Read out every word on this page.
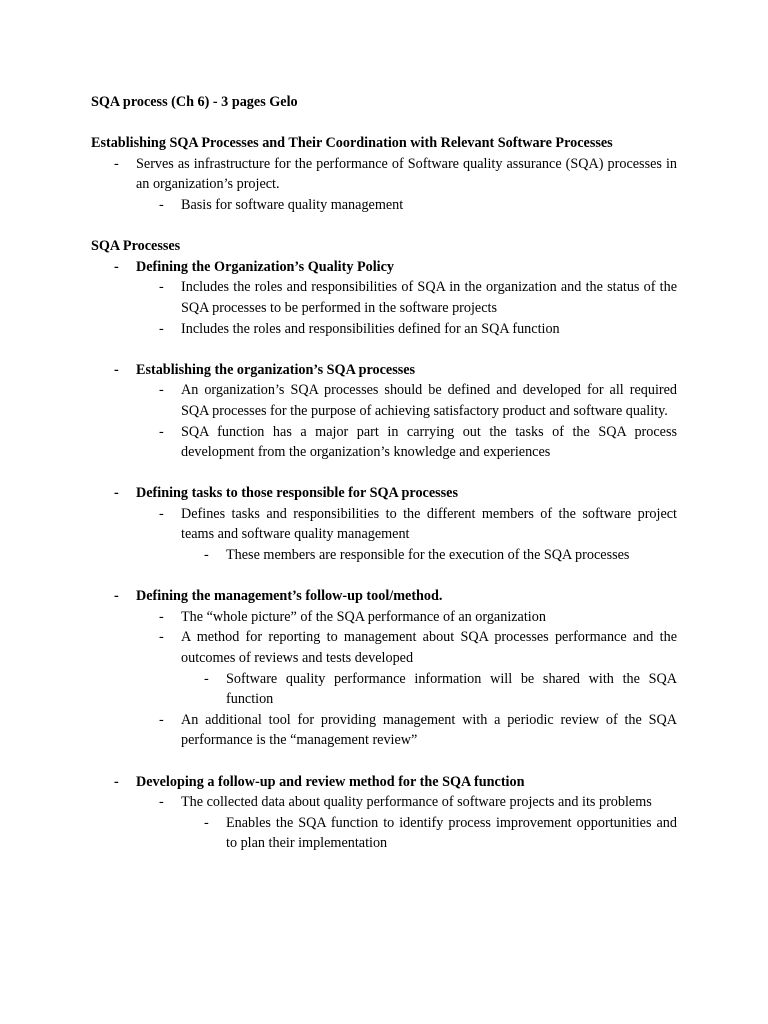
SQA process (Ch 6) - 3 pages Gelo
Establishing SQA Processes and Their Coordination with Relevant Software Processes
- Serves as infrastructure for the performance of Software quality assurance (SQA) processes in an organization’s project.
- Basis for software quality management
SQA Processes
- Defining the Organization’s Quality Policy
- Includes the roles and responsibilities of SQA in the organization and the status of the SQA processes to be performed in the software projects
- Includes the roles and responsibilities defined for an SQA function
- Establishing the organization’s SQA processes
- An organization’s SQA processes should be defined and developed for all required SQA processes for the purpose of achieving satisfactory product and software quality.
- SQA function has a major part in carrying out the tasks of the SQA process development from the organization’s knowledge and experiences
- Defining tasks to those responsible for SQA processes
- Defines tasks and responsibilities to the different members of the software project teams and software quality management
- These members are responsible for the execution of the SQA processes
- Defining the management’s follow-up tool/method.
- The “whole picture” of the SQA performance of an organization
- A method for reporting to management about SQA processes performance and the outcomes of reviews and tests developed
- Software quality performance information will be shared with the SQA function
- An additional tool for providing management with a periodic review of the SQA performance is the “management review”
- Developing a follow-up and review method for the SQA function
- The collected data about quality performance of software projects and its problems
- Enables the SQA function to identify process improvement opportunities and to plan their implementation
